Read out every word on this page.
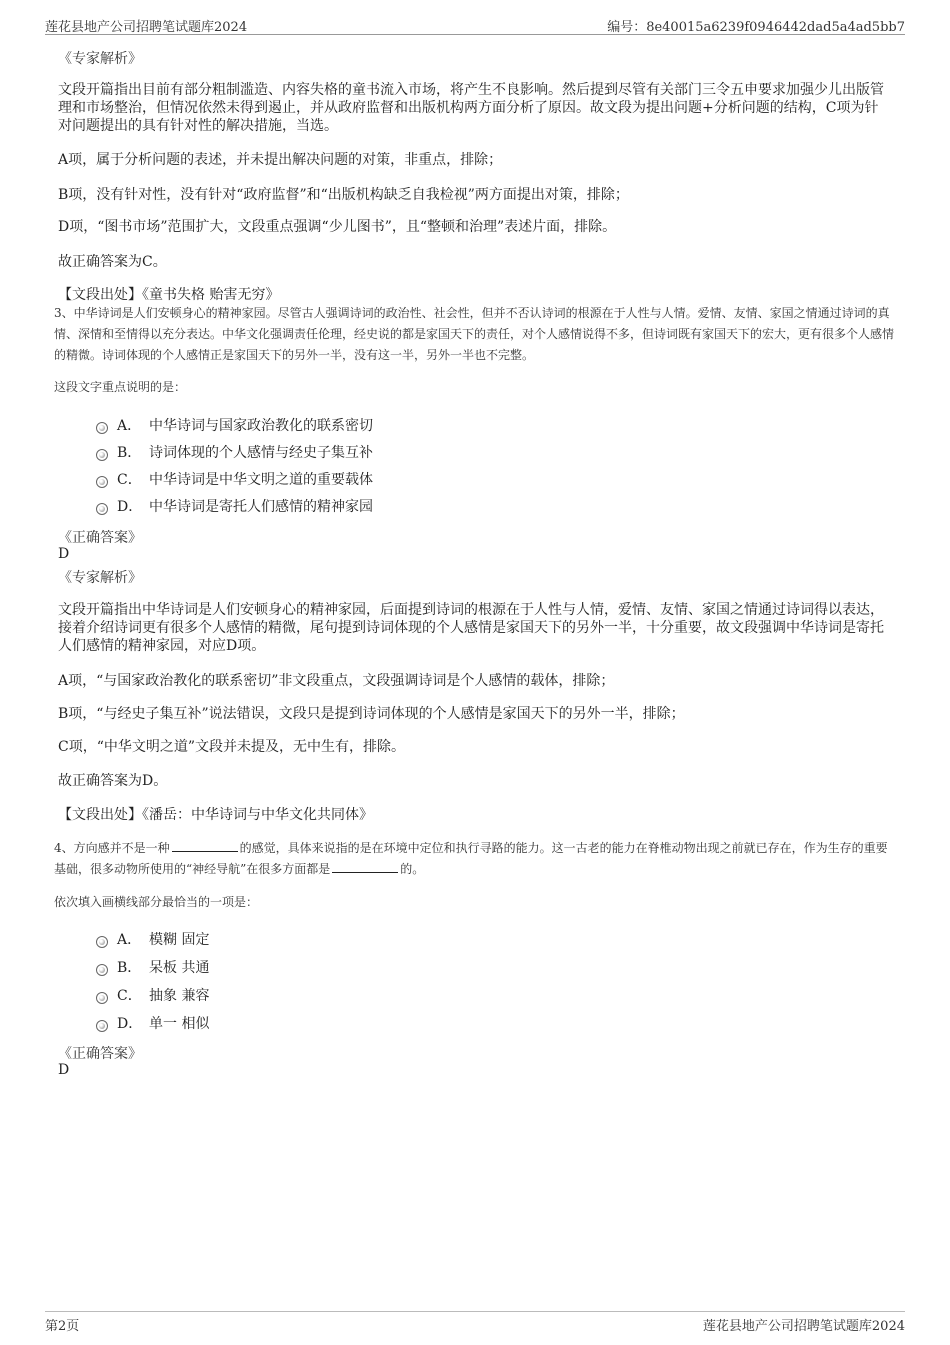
莲花县地产公司招聘笔试题库2024	编号：8e40015a6239f0946442dad5a4ad5bb7
《专家解析》
文段开篇指出目前有部分粗制滥造、内容失格的童书流入市场，将产生不良影响。然后提到尽管有关部门三令五申要求加强少儿出版管理和市场整治，但情况依然未得到遏止，并从政府监督和出版机构两方面分析了原因。故文段为提出问题+分析问题的结构，C项为针对问题提出的具有针对性的解决措施，当选。
A项，属于分析问题的表述，并未提出解决问题的对策，非重点，排除；
B项，没有针对性，没有针对“政府监督”和“出版机构缺乏自我检视”两方面提出对策，排除；
D项，“图书市场”范围扩大，文段重点强调“少儿图书”，且“整顿和治理”表述片面，排除。
故正确答案为C。
【文段出处】《童书失格 贻害无穷》
3、中华诗词是人们安顿身心的精神家园。尽管古人强调诗词的政治性、社会性，但并不否认诗词的根源在于人性与人情。爱情、友情、家国之情通过诗词的真情、深情和至情得以充分表达。中华文化强调责任伦理，经史说的都是家国天下的责任，对个人感情说得不多，但诗词既有家国天下的宏大，更有很多个人感情的精微。诗词体现的个人感情正是家国天下的另外一半，没有这一半，另外一半也不完整。
这段文字重点说明的是：
A． 中华诗词与国家政治教化的联系密切
B． 诗词体现的个人感情与经史子集互补
C． 中华诗词是中华文明之道的重要载体
D． 中华诗词是寄托人们感情的精神家园
《正确答案》
D
《专家解析》
文段开篇指出中华诗词是人们安顿身心的精神家园，后面提到诗词的根源在于人性与人情，爱情、友情、家国之情通过诗词得以表达，接着介绍诗词更有很多个人感情的精微，尾句提到诗词体现的个人感情是家国天下的另外一半，十分重要，故文段强调中华诗词是寄托人们感情的精神家园，对应D项。
A项，“与国家政治教化的联系密切”非文段重点，文段强调诗词是个人感情的载体，排除；
B项，“与经史子集互补”说法错误，文段只是提到诗词体现的个人感情是家国天下的另外一半，排除；
C项，“中华文明之道”文段并未提及，无中生有，排除。
故正确答案为D。
【文段出处】《潘岳：中华诗词与中华文化共同体》
4、方向感并不是一种	的感觉，具体来说指的是在环境中定位和执行寻路的能力。这一古老的能力在脊椎动物出现之前就已存在，作为生存的重要基础，很多动物所使用的“神经导航”在很多方面都是	的。
依次填入画横线部分最恰当的一项是：
A． 模糊 固定
B． 呆板 共通
C． 抽象 兼容
D． 单一 相似
《正确答案》
D
第2页	莲花县地产公司招聘笔试题库2024
